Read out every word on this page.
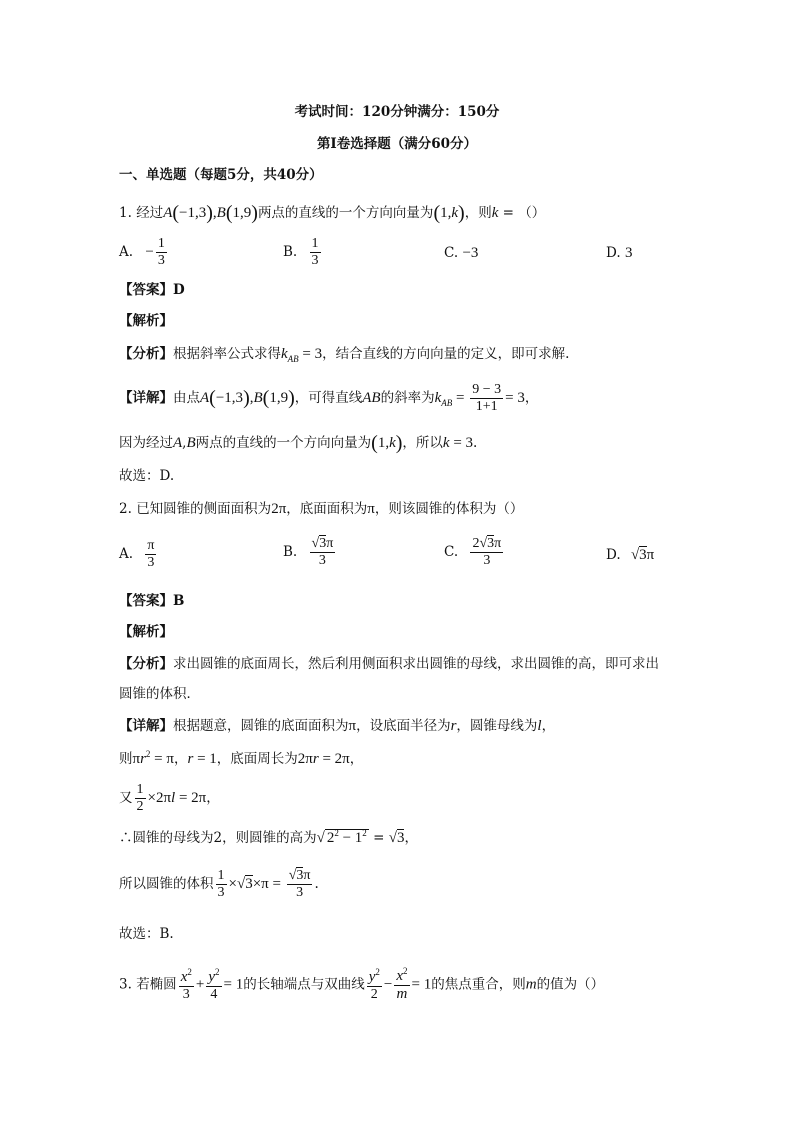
考试时间：120分钟满分：150分
第Ⅰ卷选择题（满分60分）
一、单选题（每题5分，共40分）
1. 经过A(−1,3),B(1,9)两点的直线的一个方向向量为(1,k)，则k = （）
A. − $\frac{1}{3}$	B. $\frac{1}{3}$	C. −3	D. 3
【答案】D
【解析】
【分析】根据斜率公式求得$k_{AB} = 3$，结合直线的方向向量的定义，即可求解.
【详解】由点A(−1,3),B(1,9)，可得直线AB的斜率为$k_{AB} = \frac{9 - 3}{1+1} = 3$，
因为经过A,B两点的直线的一个方向向量为(1,k)，所以k = 3.
故选：D.
2. 已知圆锥的侧面面积为2π，底面面积为π，则该圆锥的体积为（）
A. $\frac{\pi}{3}$	B. $\frac{√3\pi}{3}$	C. $\frac{2√3\pi}{3}$	D. √3π
【答案】B
【解析】
【分析】求出圆锥的底面周长，然后利用侧面积求出圆锥的母线，求出圆锥的高，即可求出
圆锥的体积．
【详解】根据题意，圆锥的底面面积为π，设底面半径为r，圆锥母线为l，
则$\pi r^2 = \pi$，r = 1，底面周长为2πr = 2π，
又 $\frac{1}{2} \times 2\pi l = 2\pi$，
∴圆锥的母线为2，则圆锥的高为√ $2^2 - 1^2 = √3$，
所以圆锥的体积 $\frac{1}{3} \times√3\times\pi = \frac{√3\pi}{3}$ .
故选：B.
3. 若椭圆 $\frac{x^2}{3} + \frac{y^2}{4} = 1$的长轴端点与双曲线 $\frac{y^2}{2} - \frac{x^2}{m} = 1$的焦点重合，则m的值为（）
